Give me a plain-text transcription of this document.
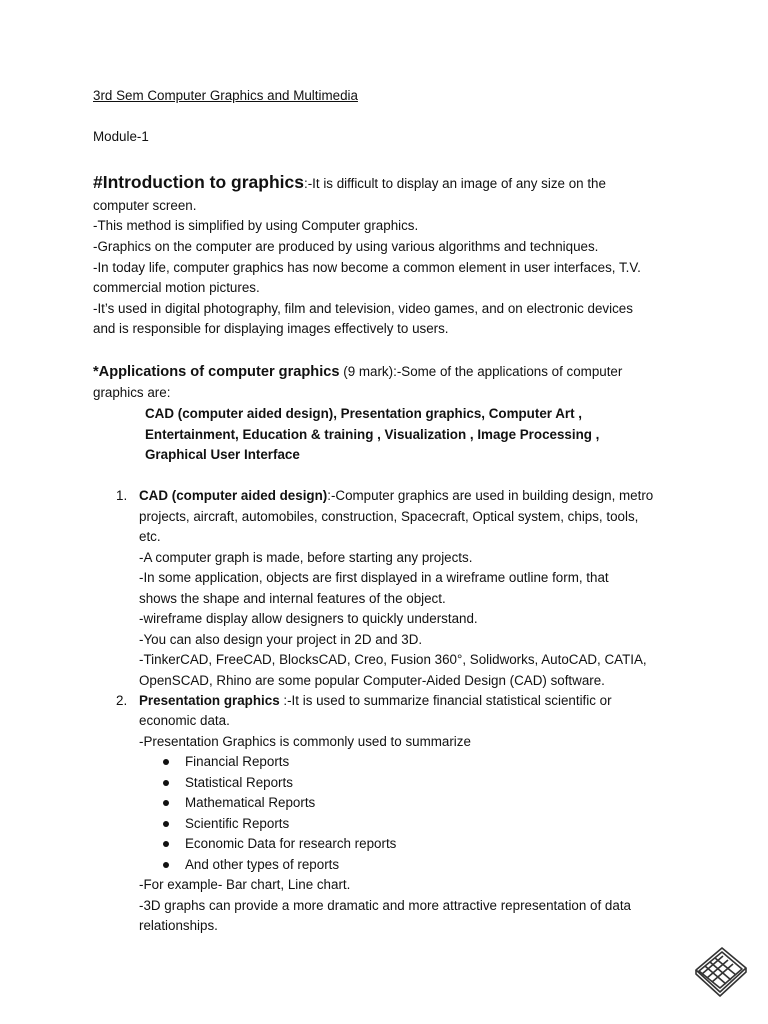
3rd Sem Computer Graphics and Multimedia
Module-1
#Introduction to graphics:-It is difficult to display an image of any size on the
computer screen.
-This method is simplified by using Computer graphics.
-Graphics on the computer are produced by using various algorithms and techniques.
-In today life, computer graphics has now become a common element in user interfaces, T.V.
commercial motion pictures.
-It’s used in digital photography, film and television, video games, and on electronic devices
and is responsible for displaying images effectively to users.
*Applications of computer graphics (9 mark):-Some of the applications of computer
graphics are:
CAD (computer aided design), Presentation graphics, Computer Art ,
Entertainment, Education & training , Visualization , Image Processing ,
Graphical User Interface
1. CAD (computer aided design):-Computer graphics are used in building design, metro
projects, aircraft, automobiles, construction, Spacecraft, Optical system, chips, tools,
etc.
-A computer graph is made, before starting any projects.
-In some application, objects are first displayed in a wireframe outline form, that
shows the shape and internal features of the object.
-wireframe display allow designers to quickly understand.
-You can also design your project in 2D and 3D.
-TinkerCAD, FreeCAD, BlocksCAD, Creo, Fusion 360°, Solidworks, AutoCAD, CATIA,
OpenSCAD, Rhino are some popular Computer-Aided Design (CAD) software.
2. Presentation graphics :-It is used to summarize financial statistical scientific or
economic data.
-Presentation Graphics is commonly used to summarize
Financial Reports
Statistical Reports
Mathematical Reports
Scientific Reports
Economic Data for research reports
And other types of reports
-For example- Bar chart, Line chart.
-3D graphs can provide a more dramatic and more attractive representation of data
relationships.
